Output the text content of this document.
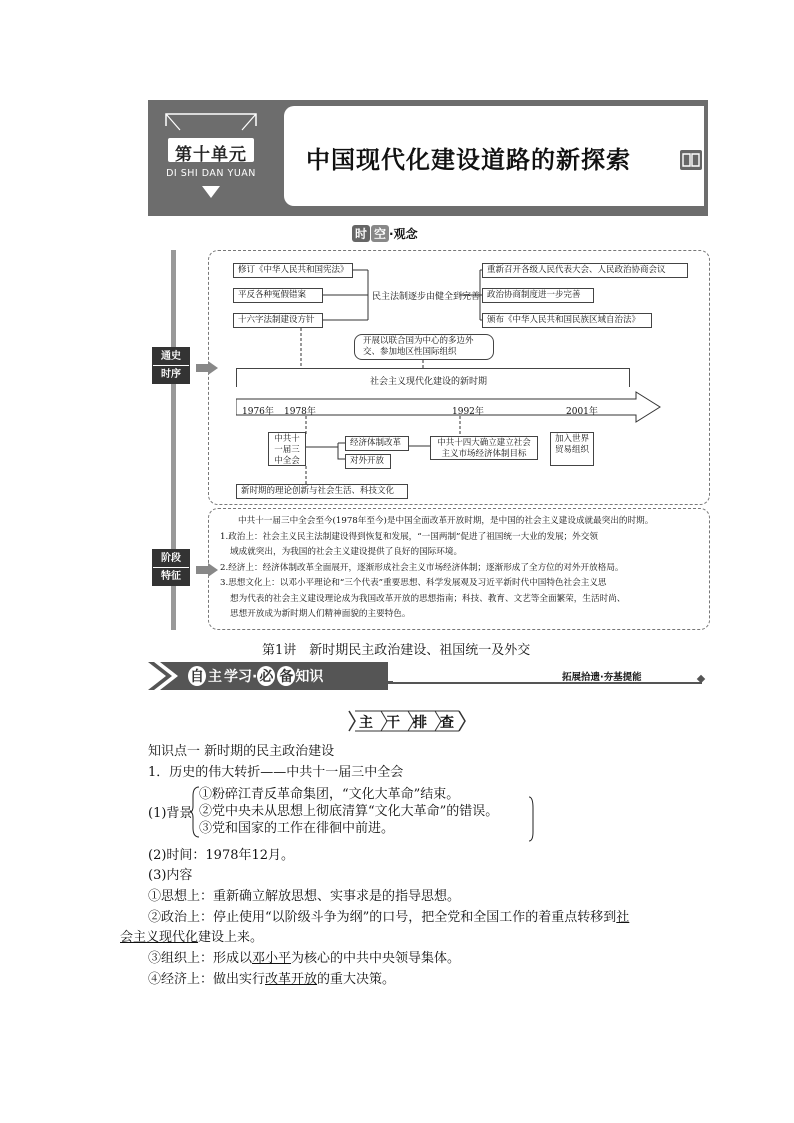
第十单元
DI SHI DAN YUAN 中国现代化建设道路的新探索
时 空 ·观念
通史
时序
修订《中华人民共和国宪法》
平反各种冤假错案
十六字法制建设方针
民主法制逐步由健全到完善
重新召开各级人民代表大会、人民政治协商会议
政治协商制度进一步完善
颁布《中华人民共和国民族区域自治法》
开展以联合国为中心的多边外交、参加地区性国际组织
社会主义现代化建设的新时期
1976年 1978年	1992年	2001年
中共十一届三中全会
经济体制改革
对外开放
中共十四大确立建立社会主义市场经济体制目标
加入世界贸易组织
新时期的理论创新与社会生活、科技文化
阶段
特征
中共十一届三中全会至今(1978年至今)是中国全面改革开放时期，是中国的社会主义建设成就最突出的时期。
1.政治上：社会主义民主法制建设得到恢复和发展，“一国两制”促进了祖国统一大业的发展；外交领
域成就突出，为我国的社会主义建设提供了良好的国际环境。
2.经济上：经济体制改革全面展开，逐渐形成社会主义市场经济体制；逐渐形成了全方位的对外开放格局。
3.思想文化上：以邓小平理论和“三个代表”重要思想、科学发展观及习近平新时代中国特色社会主义思
想为代表的社会主义建设理论成为我国改革开放的思想指南；科技、教育、文艺等全面繁荣，生活时尚、
思想开放成为新时期人们精神面貌的主要特色。
第1讲　新时期民主政治建设、祖国统一及外交
自 主 学习· 必 备 知识	拓展拾遗·夯基提能
主 干 排 查
知识点一 新时期的民主政治建设
1．历史的伟大转折——中共十一届三中全会
(1)背景
①粉碎江青反革命集团，“文化大革命”结束。
②党中央未从思想上彻底清算“文化大革命”的错误。
③党和国家的工作在徘徊中前进。
(2)时间：1978年12月。
(3)内容
①思想上：重新确立解放思想、实事求是的指导思想。
②政治上：停止使用“以阶级斗争为纲”的口号，把全党和全国工作的着重点转移到社
会主义现代化建设上来。
③组织上：形成以邓小平为核心的中共中央领导集体。
④经济上：做出实行改革开放的重大决策。
